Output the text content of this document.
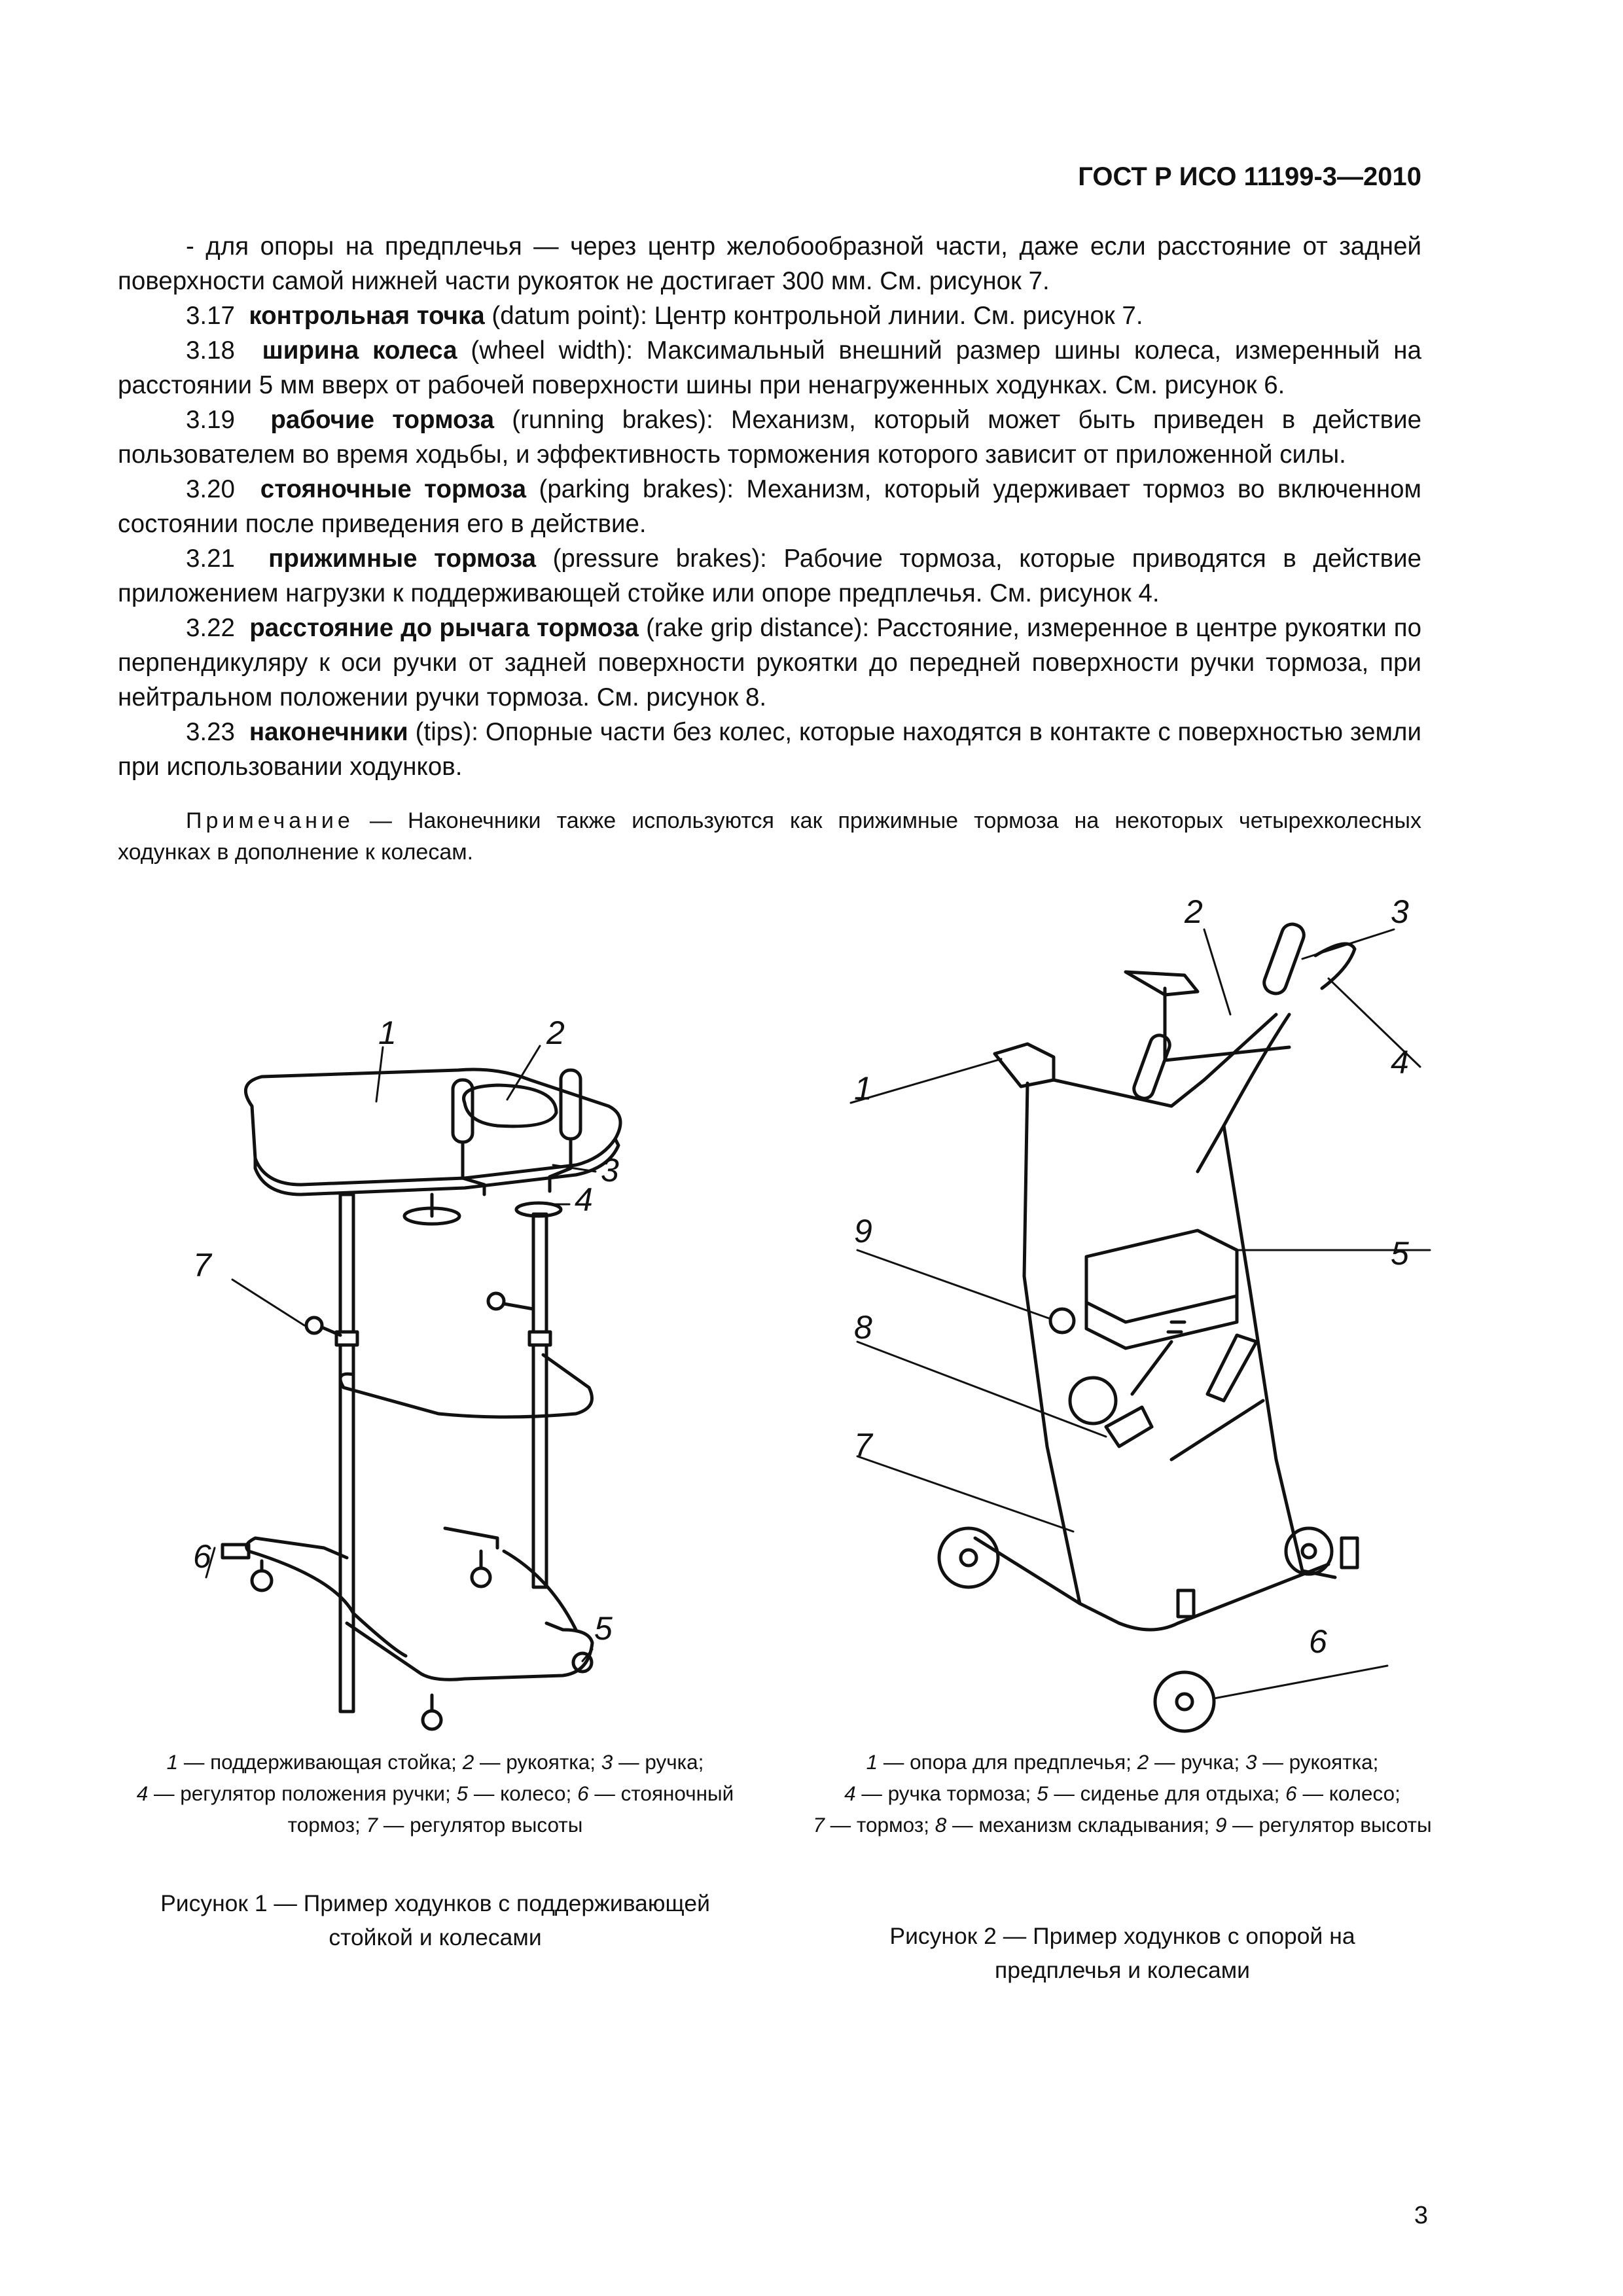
ГОСТ Р ИСО 11199-3—2010

- для опоры на предплечья — через центр желобообразной части, даже если расстояние от задней поверхности самой нижней части рукояток не достигает 300 мм. См. рисунок 7.

3.17 контрольная точка (datum point): Центр контрольной линии. См. рисунок 7.

3.18 ширина колеса (wheel width): Максимальный внешний размер шины колеса, измеренный на расстоянии 5 мм вверх от рабочей поверхности шины при ненагруженных ходунках. См. рисунок 6.

3.19 рабочие тормоза (running brakes): Механизм, который может быть приведен в действие пользователем во время ходьбы, и эффективность торможения которого зависит от приложенной силы.

3.20 стояночные тормоза (parking brakes): Механизм, который удерживает тормоз во включенном состоянии после приведения его в действие.

3.21 прижимные тормоза (pressure brakes): Рабочие тормоза, которые приводятся в действие приложением нагрузки к поддерживающей стойке или опоре предплечья. См. рисунок 4.

3.22 расстояние до рычага тормоза (rake grip distance): Расстояние, измеренное в центре рукоятки по перпендикуляру к оси ручки от задней поверхности рукоятки до передней поверхности ручки тормоза, при нейтральном положении ручки тормоза. См. рисунок 8.

3.23 наконечники (tips): Опорные части без колес, которые находятся в контакте с поверхностью земли при использовании ходунков.

Примечание — Наконечники также используются как прижимные тормоза на некоторых четырехколесных ходунках в дополнение к колесам.

1	2
3
4
5
6
7
1
2	3
4
5
6
7
8
9
1 — поддерживающая стойка; 2 — рукоятка; 3 — ручка;
4 — регулятор положения ручки; 5 — колесо; 6 — стояночный тормоз; 7 — регулятор высоты
Рисунок 1 — Пример ходунков с поддерживающей стойкой и колесами
1 — опора для предплечья; 2 — ручка; 3 — рукоятка;
4 — ручка тормоза; 5 — сиденье для отдыха; 6 — колесо;
7 — тормоз; 8 — механизм складывания; 9 — регулятор высоты
Рисунок 2 — Пример ходунков с опорой на предплечья и колесами
3
